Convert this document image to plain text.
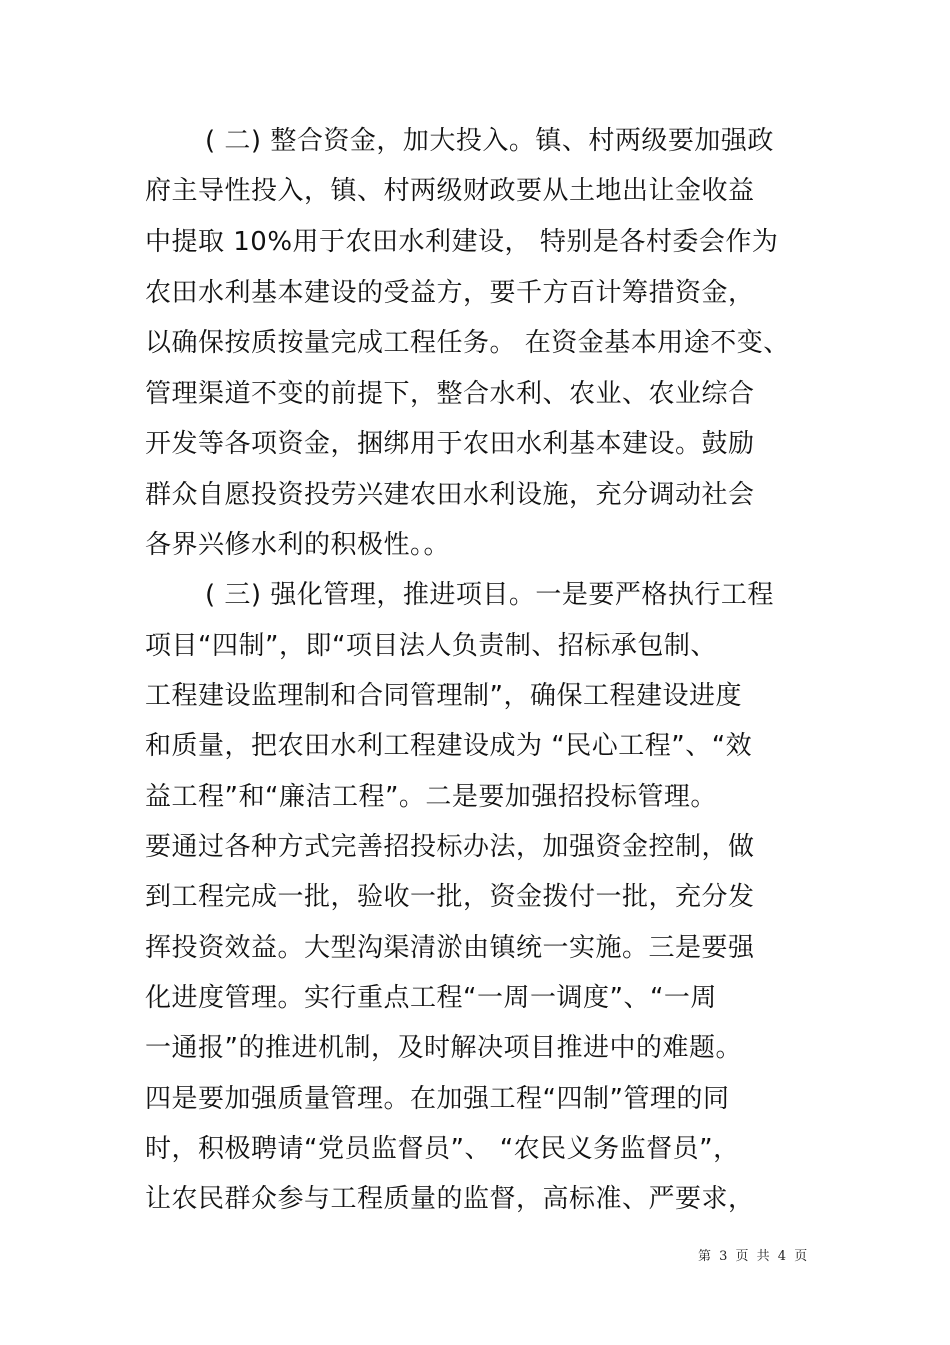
( 二) 整合资金，加大投入。镇、村两级要加强政

府主导性投入，镇、村两级财政要从土地出让金收益

中提取 10%用于农田水利建设， 特别是各村委会作为

农田水利基本建设的受益方，要千方百计筹措资金，

以确保按质按量完成工程任务。 在资金基本用途不变、

管理渠道不变的前提下，整合水利、农业、农业综合

开发等各项资金，捆绑用于农田水利基本建设。鼓励

群众自愿投资投劳兴建农田水利设施，充分调动社会

各界兴修水利的积极性。。

( 三) 强化管理，推进项目。一是要严格执行工程

项目“四制”，即“项目法人负责制、招标承包制、

工程建设监理制和合同管理制”，确保工程建设进度

和质量，把农田水利工程建设成为 “民心工程”、“效

益工程”和“廉洁工程”。二是要加强招投标管理。

要通过各种方式完善招投标办法，加强资金控制，做

到工程完成一批，验收一批，资金拨付一批，充分发

挥投资效益。大型沟渠清淤由镇统一实施。三是要强

化进度管理。实行重点工程“一周一调度”、“一周

一通报”的推进机制，及时解决项目推进中的难题。

四是要加强质量管理。在加强工程“四制”管理的同

时，积极聘请“党员监督员”、 “农民义务监督员”，

让农民群众参与工程质量的监督，高标准、严要求，

第 3 页 共 4 页
